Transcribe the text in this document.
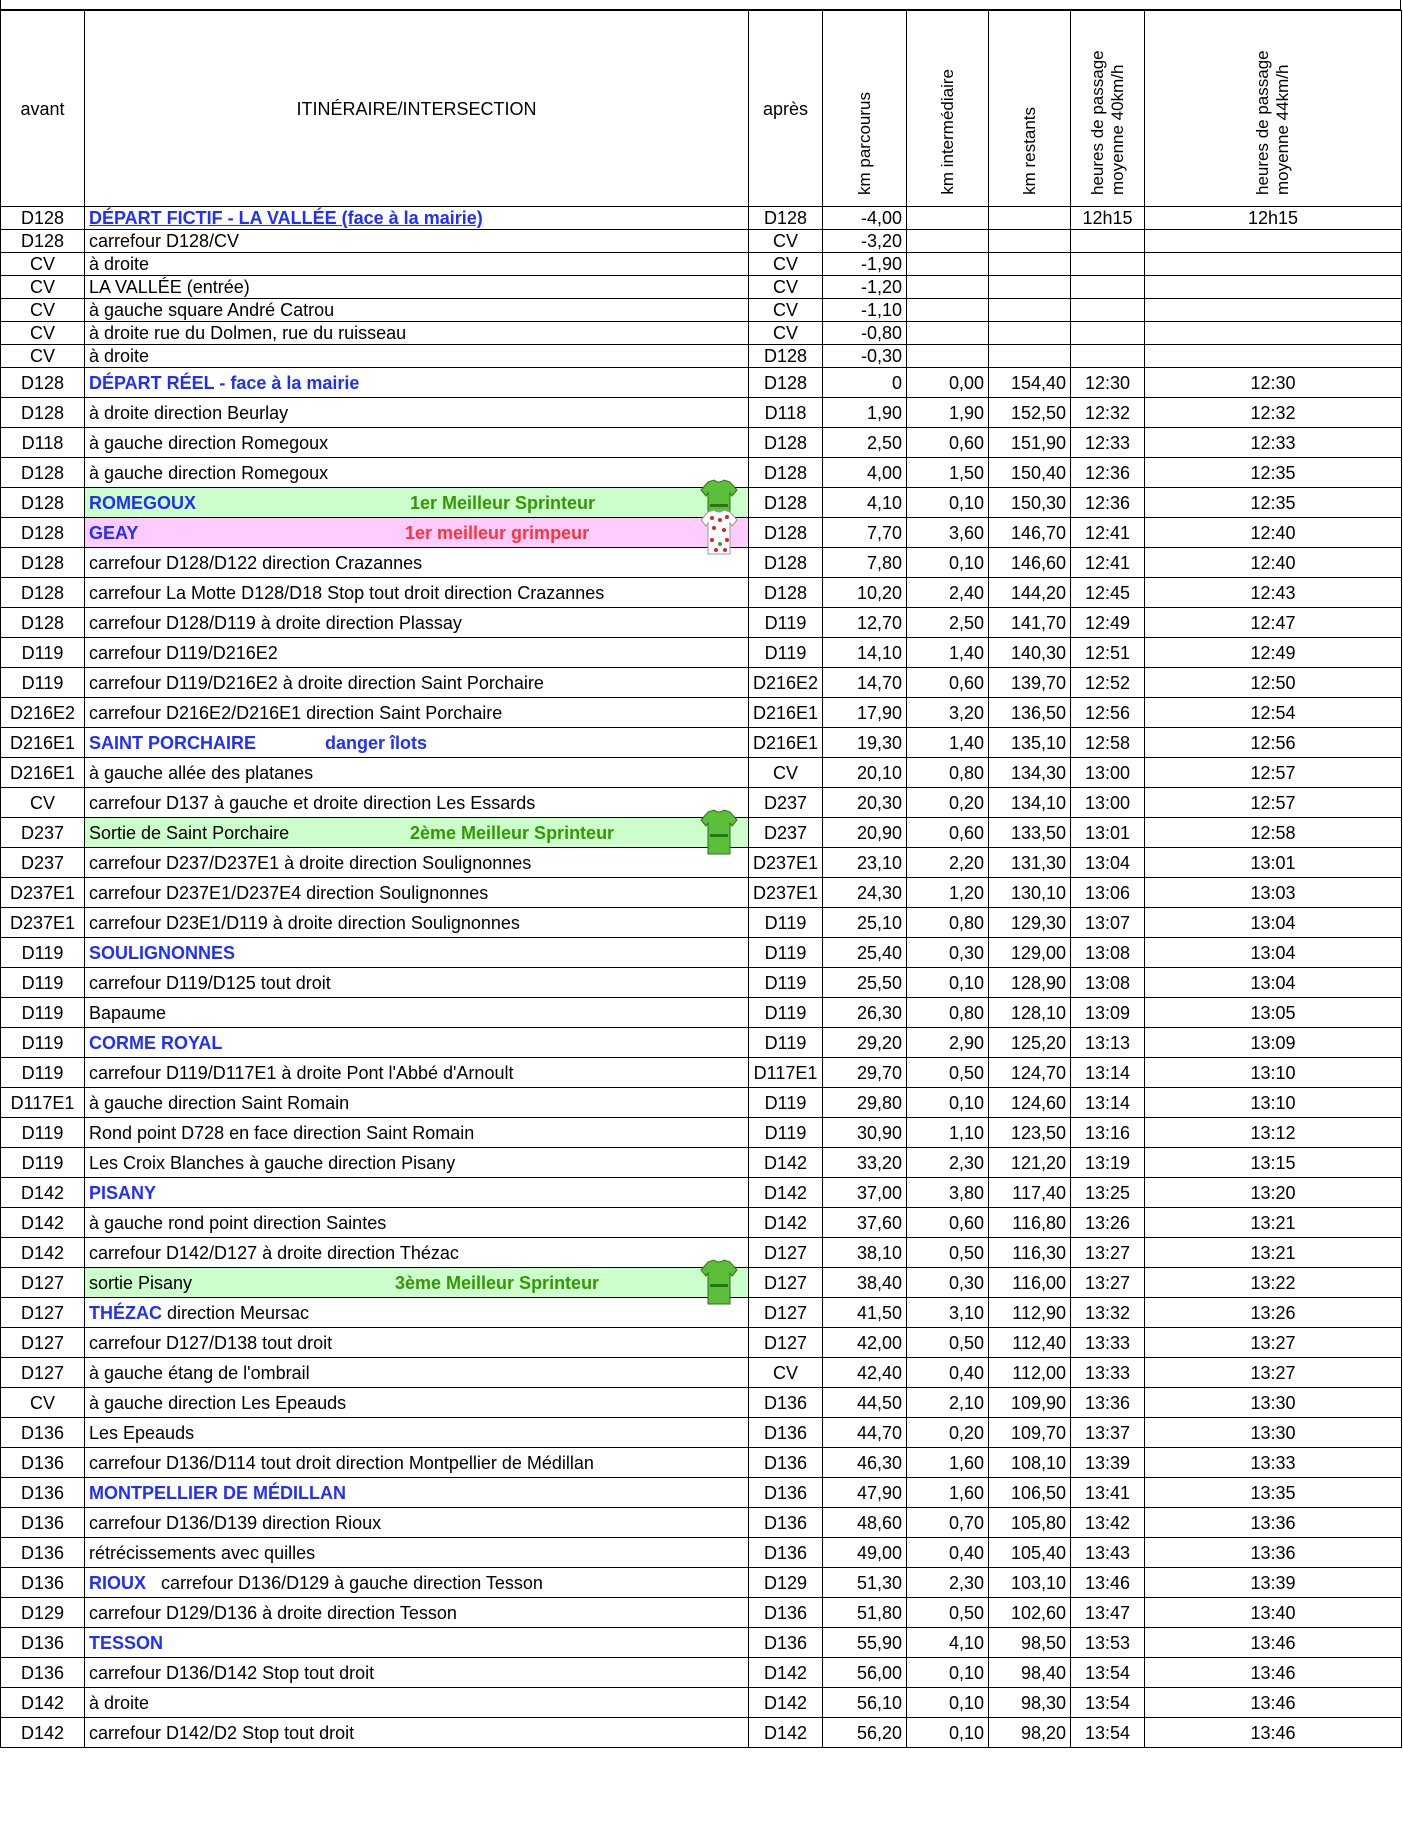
avant	ITINÉRAIRE/INTERSECTION	après	km parcourus	km intermédiaire	km restants	heures de passage moyenne 40km/h	heures de passage moyenne 44km/h
D128	DÉPART FICTIF - LA VALLÉE (face à la mairie)	D128	-4,00			12h15	12h15
D128	carrefour D128/CV	CV	-3,20				
CV	à droite	CV	-1,90				
CV	LA VALLÉE (entrée)	CV	-1,20				
CV	à gauche square André Catrou	CV	-1,10				
CV	à droite rue du Dolmen, rue du ruisseau	CV	-0,80				
CV	à droite	D128	-0,30				
D128	DÉPART RÉEL - face à la mairie	D128	0	0,00	154,40	12:30	12:30
D128	à droite direction Beurlay	D118	1,90	1,90	152,50	12:32	12:32
D118	à gauche direction Romegoux	D128	2,50	0,60	151,90	12:33	12:33
D128	à gauche direction Romegoux	D128	4,00	1,50	150,40	12:36	12:35
D128	ROMEGOUX 1er Meilleur Sprinteur	D128	4,10	0,10	150,30	12:36	12:35
D128	GEAY 1er meilleur grimpeur	D128	7,70	3,60	146,70	12:41	12:40
D128	carrefour D128/D122 direction Crazannes	D128	7,80	0,10	146,60	12:41	12:40
D128	carrefour La Motte D128/D18 Stop tout droit direction Crazannes	D128	10,20	2,40	144,20	12:45	12:43
D128	carrefour D128/D119 à droite direction Plassay	D119	12,70	2,50	141,70	12:49	12:47
D119	carrefour D119/D216E2	D119	14,10	1,40	140,30	12:51	12:49
D119	carrefour D119/D216E2 à droite direction Saint Porchaire	D216E2	14,70	0,60	139,70	12:52	12:50
D216E2	carrefour D216E2/D216E1 direction Saint Porchaire	D216E1	17,90	3,20	136,50	12:56	12:54
D216E1	SAINT PORCHAIRE danger îlots	D216E1	19,30	1,40	135,10	12:58	12:56
D216E1	à gauche allée des platanes	CV	20,10	0,80	134,30	13:00	12:57
CV	carrefour D137 à gauche et droite direction Les Essards	D237	20,30	0,20	134,10	13:00	12:57
D237	Sortie de Saint Porchaire 2ème Meilleur Sprinteur	D237	20,90	0,60	133,50	13:01	12:58
D237	carrefour D237/D237E1 à droite direction Soulignonnes	D237E1	23,10	2,20	131,30	13:04	13:01
D237E1	carrefour D237E1/D237E4 direction Soulignonnes	D237E1	24,30	1,20	130,10	13:06	13:03
D237E1	carrefour D23E1/D119 à droite direction Soulignonnes	D119	25,10	0,80	129,30	13:07	13:04
D119	SOULIGNONNES	D119	25,40	0,30	129,00	13:08	13:04
D119	carrefour D119/D125 tout droit	D119	25,50	0,10	128,90	13:08	13:04
D119	Bapaume	D119	26,30	0,80	128,10	13:09	13:05
D119	CORME ROYAL	D119	29,20	2,90	125,20	13:13	13:09
D119	carrefour D119/D117E1 à droite Pont l'Abbé d'Arnoult	D117E1	29,70	0,50	124,70	13:14	13:10
D117E1	à gauche direction Saint Romain	D119	29,80	0,10	124,60	13:14	13:10
D119	Rond point D728 en face direction Saint Romain	D119	30,90	1,10	123,50	13:16	13:12
D119	Les Croix Blanches à gauche direction Pisany	D142	33,20	2,30	121,20	13:19	13:15
D142	PISANY	D142	37,00	3,80	117,40	13:25	13:20
D142	à gauche rond point direction Saintes	D142	37,60	0,60	116,80	13:26	13:21
D142	carrefour D142/D127 à droite direction Thézac	D127	38,10	0,50	116,30	13:27	13:21
D127	sortie Pisany 3ème Meilleur Sprinteur	D127	38,40	0,30	116,00	13:27	13:22
D127	THÉZAC direction Meursac	D127	41,50	3,10	112,90	13:32	13:26
D127	carrefour D127/D138 tout droit	D127	42,00	0,50	112,40	13:33	13:27
D127	à gauche étang de l'ombrail	CV	42,40	0,40	112,00	13:33	13:27
CV	à gauche direction Les Epeauds	D136	44,50	2,10	109,90	13:36	13:30
D136	Les Epeauds	D136	44,70	0,20	109,70	13:37	13:30
D136	carrefour D136/D114 tout droit direction Montpellier de Médillan	D136	46,30	1,60	108,10	13:39	13:33
D136	MONTPELLIER DE MÉDILLAN	D136	47,90	1,60	106,50	13:41	13:35
D136	carrefour D136/D139 direction Rioux	D136	48,60	0,70	105,80	13:42	13:36
D136	rétrécissements avec quilles	D136	49,00	0,40	105,40	13:43	13:36
D136	RIOUX   carrefour D136/D129 à gauche direction Tesson	D129	51,30	2,30	103,10	13:46	13:39
D129	carrefour D129/D136 à droite direction Tesson	D136	51,80	0,50	102,60	13:47	13:40
D136	TESSON	D136	55,90	4,10	98,50	13:53	13:46
D136	carrefour D136/D142 Stop tout droit	D142	56,00	0,10	98,40	13:54	13:46
D142	à droite	D142	56,10	0,10	98,30	13:54	13:46
D142	carrefour D142/D2 Stop tout droit	D142	56,20	0,10	98,20	13:54	13:46
